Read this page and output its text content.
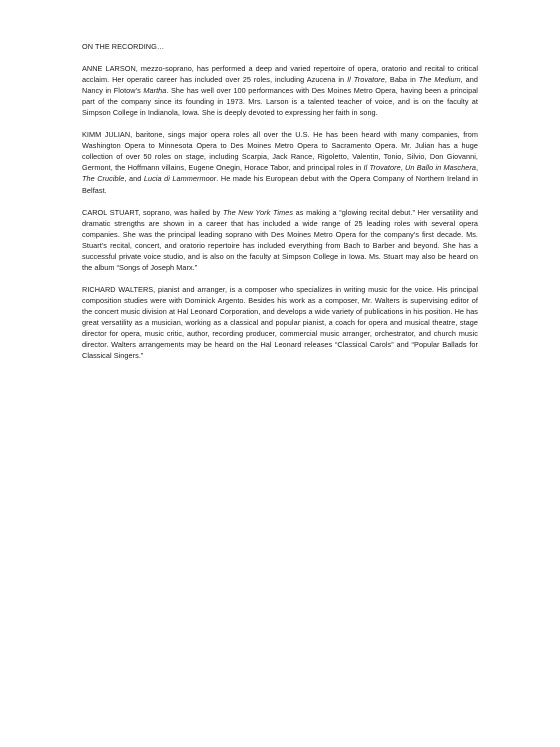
ON THE RECORDING…

ANNE LARSON, mezzo-soprano, has performed a deep and varied repertoire of opera, oratorio and recital to critical acclaim. Her operatic career has included over 25 roles, including Azucena in Il Trovatore, Baba in The Medium, and Nancy in Flotow’s Martha. She has well over 100 performances with Des Moines Metro Opera, having been a principal part of the company since its founding in 1973. Mrs. Larson is a talented teacher of voice, and is on the faculty at Simpson College in Indianola, Iowa. She is deeply devoted to expressing her faith in song.

KIMM JULIAN, baritone, sings major opera roles all over the U.S. He has been heard with many companies, from Washington Opera to Minnesota Opera to Des Moines Metro Opera to Sacramento Opera. Mr. Julian has a huge collection of over 50 roles on stage, including Scarpia, Jack Rance, Rigoletto, Valentin, Tonio, Silvio, Don Giovanni, Germont, the Hoffmann villains, Eugene Onegin, Horace Tabor, and principal roles in Il Trovatore, Un Ballo in Maschera, The Crucible, and Lucia di Lammermoor. He made his European debut with the Opera Company of Northern Ireland in Belfast.

CAROL STUART, soprano, was hailed by The New York Times as making a “glowing recital debut.” Her versatility and dramatic strengths are shown in a career that has included a wide range of 25 leading roles with several opera companies. She was the principal leading soprano with Des Moines Metro Opera for the company’s first decade. Ms. Stuart’s recital, concert, and oratorio repertoire has included everything from Bach to Barber and beyond. She has a successful private voice studio, and is also on the faculty at Simpson College in Iowa. Ms. Stuart may also be heard on the album “Songs of Joseph Marx.”

RICHARD WALTERS, pianist and arranger, is a composer who specializes in writing music for the voice. His principal composition studies were with Dominick Argento. Besides his work as a composer, Mr. Walters is supervising editor of the concert music division at Hal Leonard Corporation, and develops a wide variety of publications in his position. He has great versatility as a musician, working as a classical and popular pianist, a coach for opera and musical theatre, stage director for opera, music critic, author, recording producer, commercial music arranger, orchestrator, and church music director. Walters arrangements may be heard on the Hal Leonard releases “Classical Carols” and “Popular Ballads for Classical Singers.”
